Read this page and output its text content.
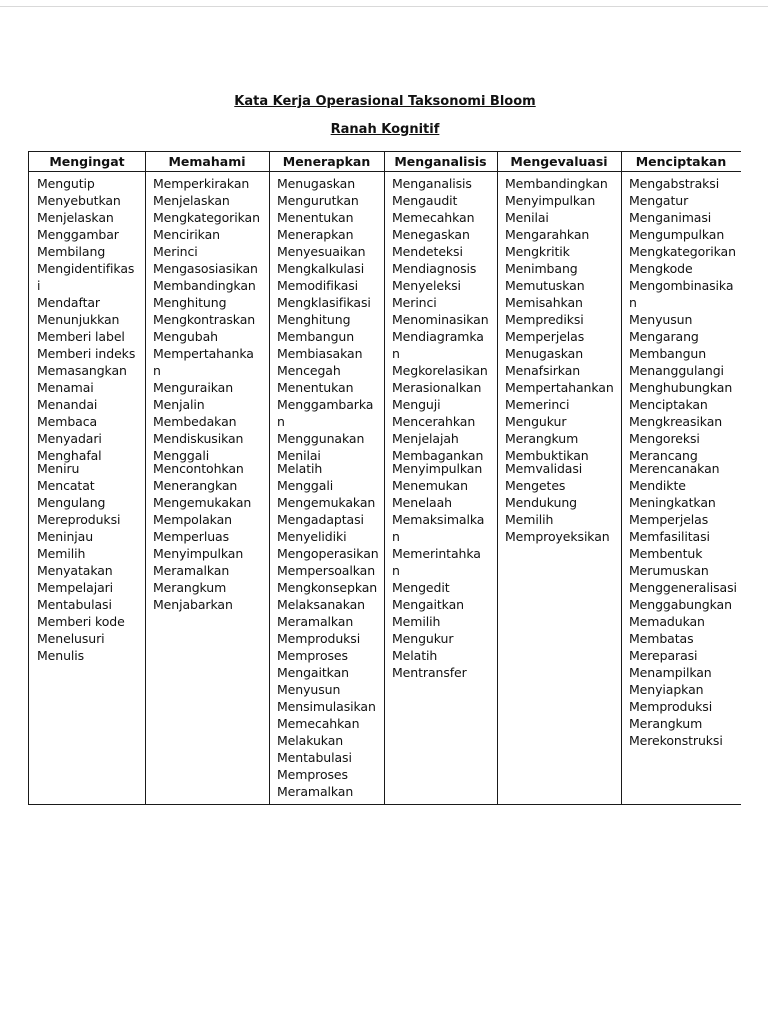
Kata Kerja Operasional Taksonomi Bloom
Ranah Kognitif
Mengingat
Mengutip
Menyebutkan
Menjelaskan
Menggambar
Membilang
Mengidentifikas
i
Mendaftar
Menunjukkan
Memberi label
Memberi indeks
Memasangkan
Menamai
Menandai
Membaca
Menyadari
Menghafal
Meniru
Mencatat
Mengulang
Mereproduksi
Meninjau
Memilih
Menyatakan
Mempelajari
Mentabulasi
Memberi kode
Menelusuri
Menulis
Memahami
Memperkirakan
Menjelaskan
Mengkategorikan
Mencirikan
Merinci
Mengasosiasikan
Membandingkan
Menghitung
Mengkontraskan
Mengubah
Mempertahanka
n
Menguraikan
Menjalin
Membedakan
Mendiskusikan
Menggali
Mencontohkan
Menerangkan
Mengemukakan
Mempolakan
Memperluas
Menyimpulkan
Meramalkan
Merangkum
Menjabarkan
Menerapkan
Menugaskan
Mengurutkan
Menentukan
Menerapkan
Menyesuaikan
Mengkalkulasi
Memodifikasi
Mengklasifikasi
Menghitung
Membangun
Membiasakan
Mencegah
Menentukan
Menggambarka
n
Menggunakan
Menilai
Melatih
Menggali
Mengemukakan
Mengadaptasi
Menyelidiki
Mengoperasikan
Mempersoalkan
Mengkonsepkan
Melaksanakan
Meramalkan
Memproduksi
Memproses
Mengaitkan
Menyusun
Mensimulasikan
Memecahkan
Melakukan
Mentabulasi
Memproses
Meramalkan
Menganalisis
Menganalisis
Mengaudit
Memecahkan
Menegaskan
Mendeteksi
Mendiagnosis
Menyeleksi
Merinci
Menominasikan
Mendiagramka
n
Megkorelasikan
Merasionalkan
Menguji
Mencerahkan
Menjelajah
Membagankan
Menyimpulkan
Menemukan
Menelaah
Memaksimalka
n
Memerintahka
n
Mengedit
Mengaitkan
Memilih
Mengukur
Melatih
Mentransfer
Mengevaluasi
Membandingkan
Menyimpulkan
Menilai
Mengarahkan
Mengkritik
Menimbang
Memutuskan
Memisahkan
Memprediksi
Memperjelas
Menugaskan
Menafsirkan
Mempertahankan
Memerinci
Mengukur
Merangkum
Membuktikan
Memvalidasi
Mengetes
Mendukung
Memilih
Memproyeksikan
Menciptakan
Mengabstraksi
Mengatur
Menganimasi
Mengumpulkan
Mengkategorikan
Mengkode
Mengombinasika
n
Menyusun
Mengarang
Membangun
Menanggulangi
Menghubungkan
Menciptakan
Mengkreasikan
Mengoreksi
Merancang
Merencanakan
Mendikte
Meningkatkan
Memperjelas
Memfasilitasi
Membentuk
Merumuskan
Menggeneralisasi
Menggabungkan
Memadukan
Membatas
Mereparasi
Menampilkan
Menyiapkan
Memproduksi
Merangkum
Merekonstruksi
